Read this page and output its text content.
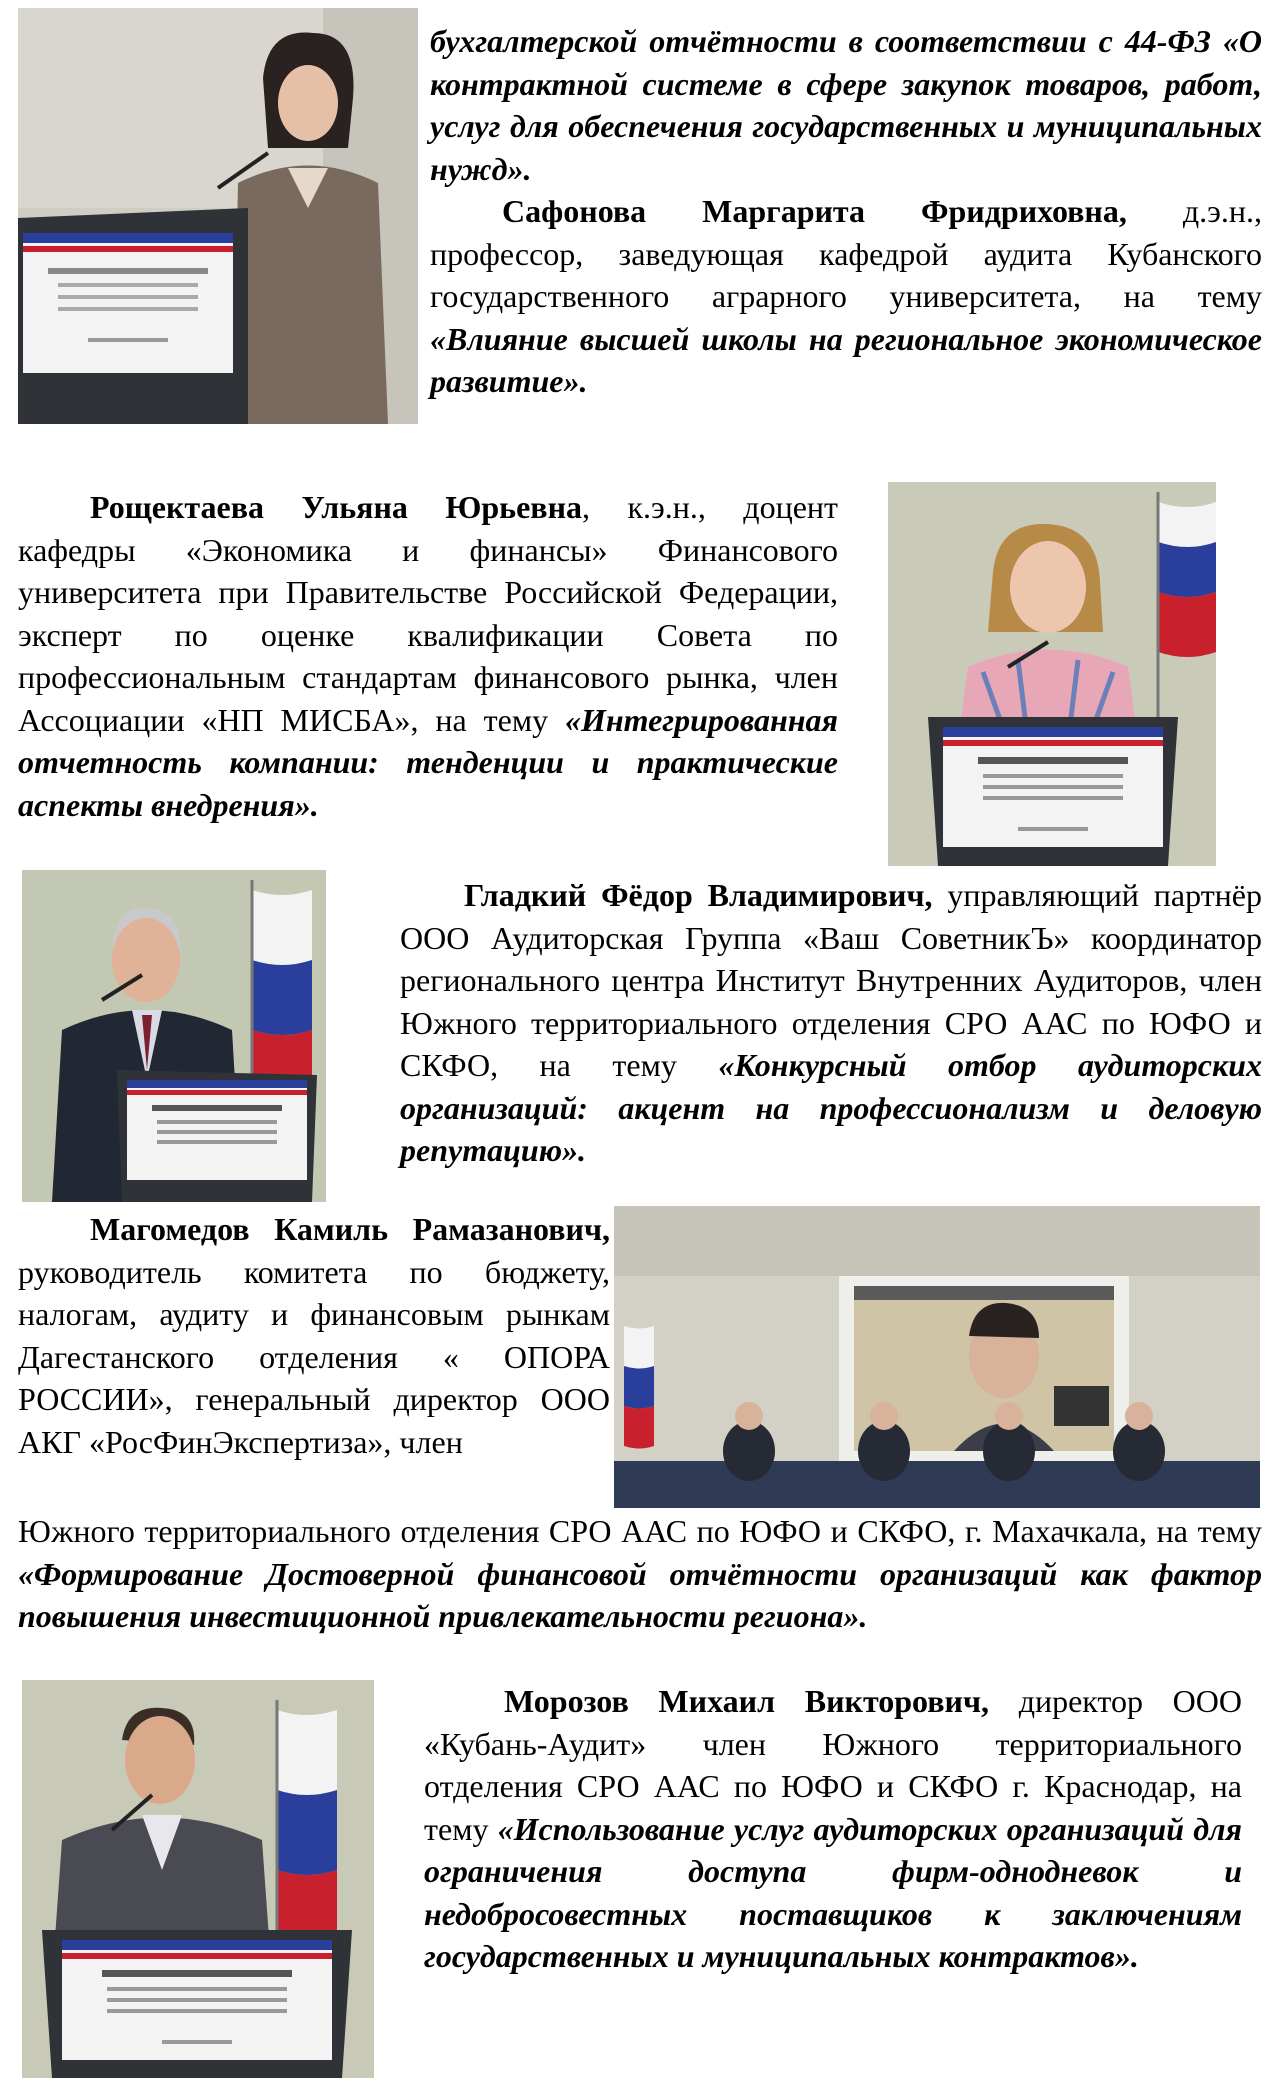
бухгалтерской отчётности в соответствии с 44-ФЗ «О контрактной системе в сфере закупок товаров, работ, услуг для обеспечения государственных и муниципальных нужд».

Сафонова Маргарита Фридриховна, д.э.н., профессор, заведующая кафедрой аудита Кубанского государственного аграрного университета, на тему «Влияние высшей школы на региональное экономическое развитие».

Рощектаева Ульяна Юрьевна, к.э.н., доцент кафедры «Экономика и финансы» Финансового университета при Правительстве Российской Федерации, эксперт по оценке квалификации Совета по профессиональным стандартам финансового рынка, член Ассоциации «НП МИСБА», на тему «Интегрированная отчетность компании: тенденции и практические аспекты внедрения».

Гладкий Фёдор Владимирович, управляющий партнёр ООО Аудиторская Группа «Ваш СоветникЪ» координатор регионального центра Институт Внутренних Аудиторов, член Южного территориального отделения СРО ААС по ЮФО и СКФО, на тему «Конкурсный отбор аудиторских организаций: акцент на профессионализм и деловую репутацию».

Магомедов Камиль Рамазанович, руководитель комитета по бюджету, налогам, аудиту и финансовым рынкам Дагестанского отделения « ОПОРА РОССИИ», генеральный директор ООО АКГ «РосФинЭкспертиза», член

Южного территориального отделения СРО ААС по ЮФО и СКФО, г. Махачкала, на тему «Формирование Достоверной финансовой отчётности организаций как фактор повышения инвестиционной привлекательности региона».

Морозов Михаил Викторович, директор ООО «Кубань-Аудит» член Южного территориального отделения СРО ААС по ЮФО и СКФО г. Краснодар, на тему «Использование услуг аудиторских организаций для ограничения доступа фирм-однодневок и недобросовестных поставщиков к заключениям государственных и муниципальных контрактов».
